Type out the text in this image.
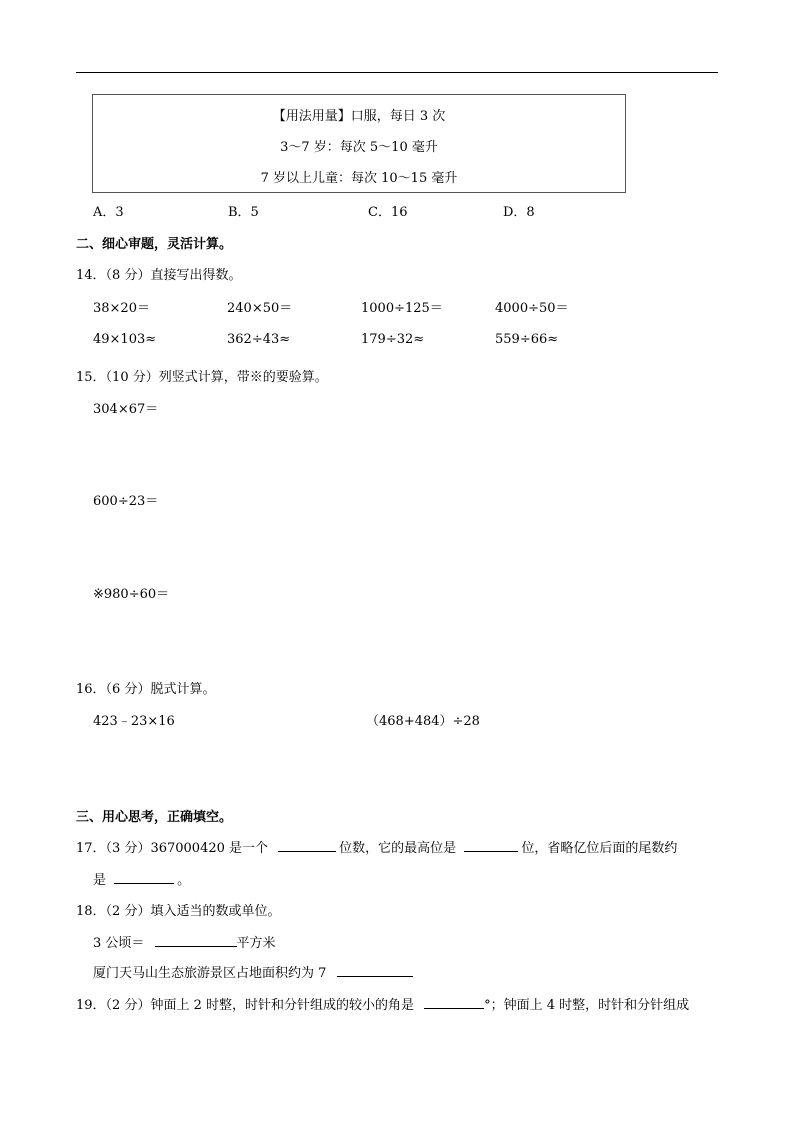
【用法用量】口服，每日 3 次
3～7 岁：每次 5～10 毫升
7 岁以上儿童：每次 10～15 毫升
A．3	B．5	C．16	D．8
二、细心审题，灵活计算。
14．（8 分）直接写出得数。
38×20＝	240×50＝	1000÷125＝	4000÷50＝
49×103≈	362÷43≈	179÷32≈	559÷66≈
15．（10 分）列竖式计算，带※的要验算。
304×67＝
600÷23＝
※980÷60＝
16．（6 分）脱式计算。
423﹣23×16	（468+484）÷28
三、用心思考，正确填空。
17．（3 分）367000420 是一个	位数，它的最高位是	位，省略亿位后面的尾数约
是	。
18．（2 分）填入适当的数或单位。
3 公顷＝	平方米
厦门天马山生态旅游景区占地面积约为 7
19．（2 分）钟面上 2 时整，时针和分针组成的较小的角是	°；钟面上 4 时整，时针和分针组成
